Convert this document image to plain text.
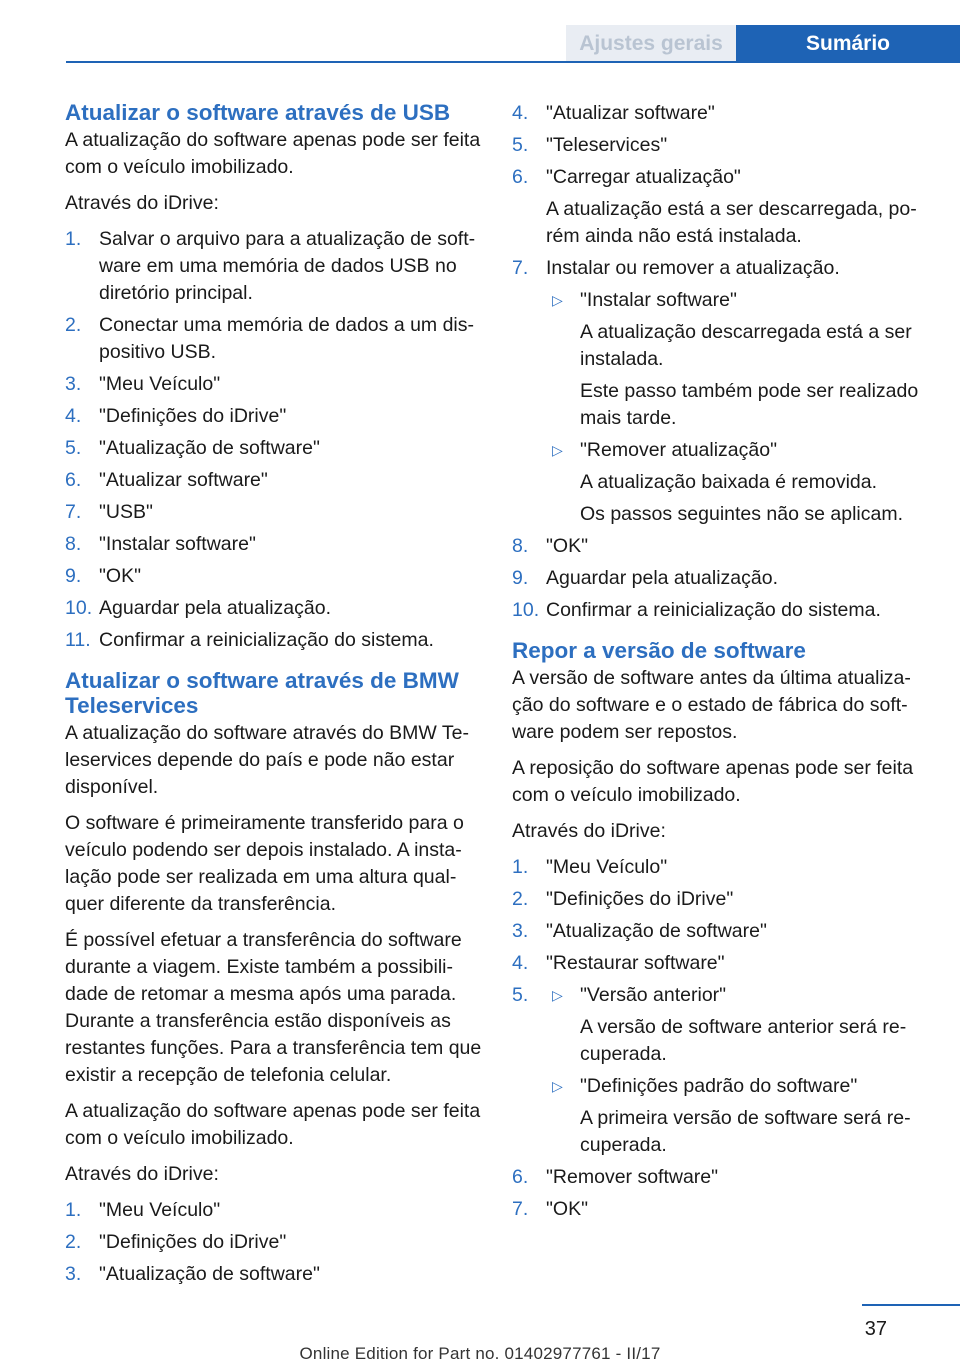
Ajustes gerais	Sumário
Atualizar o software através de USB

A atualização do software apenas pode ser feita com o veículo imobilizado.

Através do iDrive:

1. Salvar o arquivo para a atualização de software em uma memória de dados USB no diretório principal.
2. Conectar uma memória de dados a um dispositivo USB.
3. "Meu Veículo"
4. "Definições do iDrive"
5. "Atualização de software"
6. "Atualizar software"
7. "USB"
8. "Instalar software"
9. "OK"
10. Aguardar pela atualização.
11. Confirmar a reinicialização do sistema.
Atualizar o software através de BMW Teleservices

A atualização do software através do BMW Teleservices depende do país e pode não estar disponível.

O software é primeiramente transferido para o veículo podendo ser depois instalado. A instalação pode ser realizada em uma altura qualquer diferente da transferência.

É possível efetuar a transferência do software durante a viagem. Existe também a possibilidade de retomar a mesma após uma parada. Durante a transferência estão disponíveis as restantes funções. Para a transferência tem que existir a recepção de telefonia celular.

A atualização do software apenas pode ser feita com o veículo imobilizado.

Através do iDrive:

1. "Meu Veículo"
2. "Definições do iDrive"
3. "Atualização de software"
4. "Atualizar software"
5. "Teleservices"
6. "Carregar atualização"
A atualização está a ser descarregada, porém ainda não está instalada.
7. Instalar ou remover a atualização.
▷ "Instalar software"
A atualização descarregada está a ser instalada.
Este passo também pode ser realizado mais tarde.
▷ "Remover atualização"
A atualização baixada é removida.
Os passos seguintes não se aplicam.
8. "OK"
9. Aguardar pela atualização.
10. Confirmar a reinicialização do sistema.
Repor a versão de software

A versão de software antes da última atualização do software e o estado de fábrica do software podem ser repostos.

A reposição do software apenas pode ser feita com o veículo imobilizado.

Através do iDrive:

1. "Meu Veículo"
2. "Definições do iDrive"
3. "Atualização de software"
4. "Restaurar software"
5. ▷ "Versão anterior"
A versão de software anterior será recuperada.
▷ "Definições padrão do software"
A primeira versão de software será recuperada.
6. "Remover software"
7. "OK"
37
Online Edition for Part no. 01402977761 - II/17
